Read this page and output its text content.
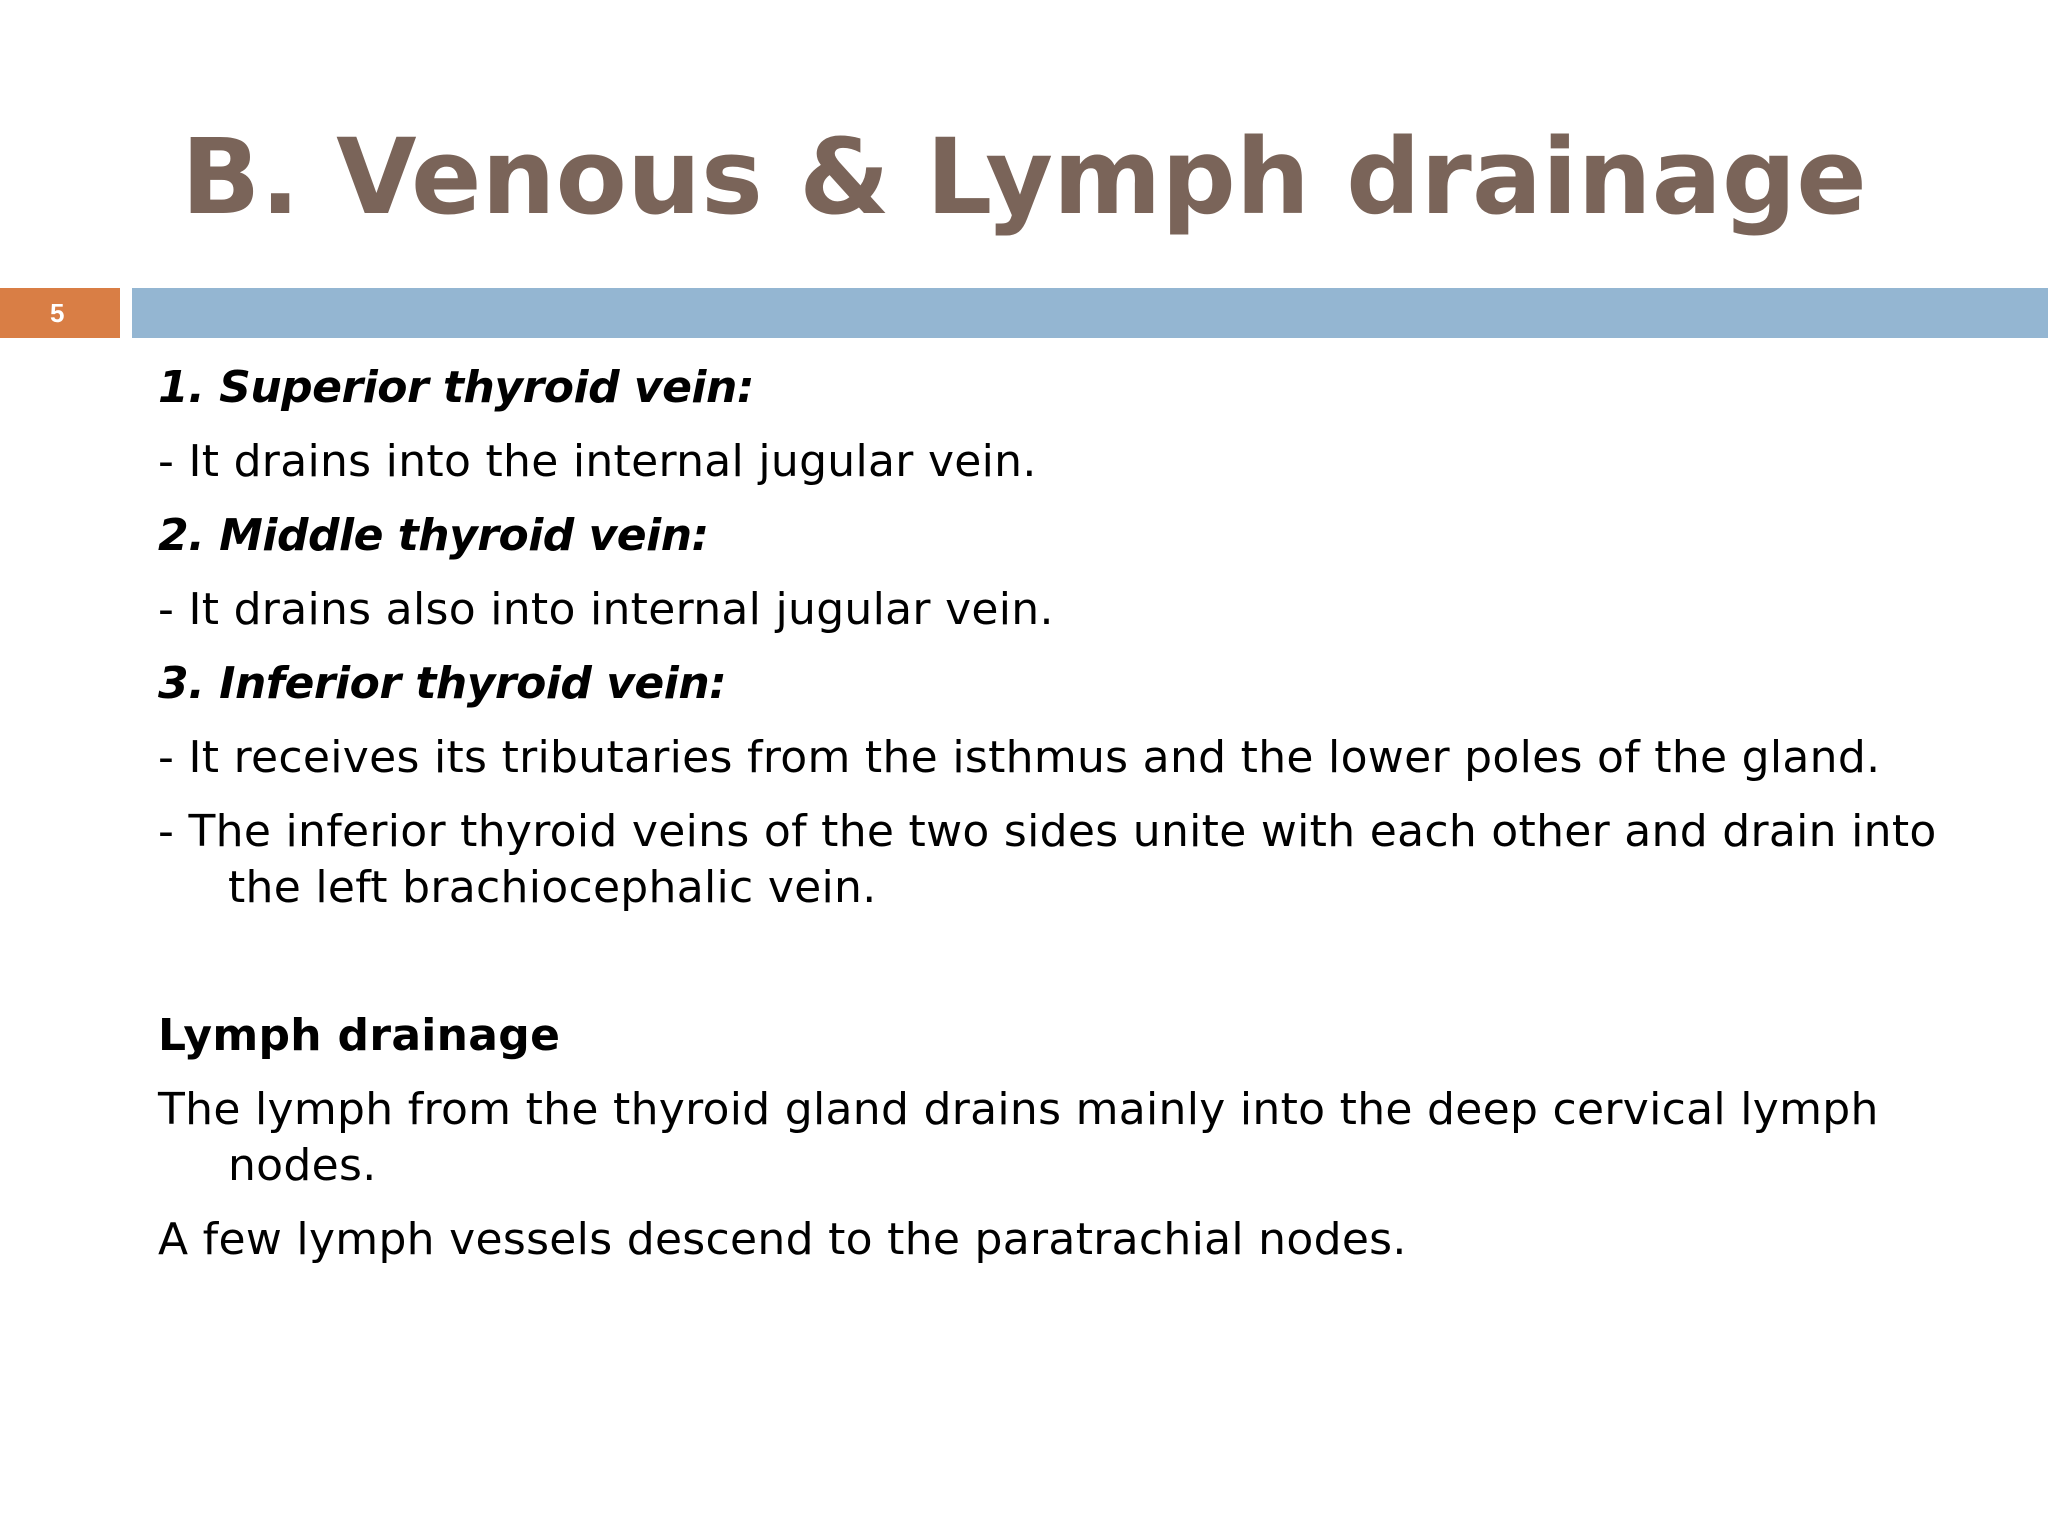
B. Venous & Lymph drainage
5

1. Superior thyroid vein:

- It drains into the internal jugular vein.

2. Middle thyroid vein:

- It drains also into internal jugular vein.

3. Inferior thyroid vein:

- It receives its tributaries from the isthmus and the lower poles of the gland.

- The inferior thyroid veins of the two sides unite with each other and drain into the left brachiocephalic vein.

Lymph drainage

The lymph from the thyroid gland drains mainly into the deep cervical lymph nodes.

A few lymph vessels descend to the paratrachial nodes.
